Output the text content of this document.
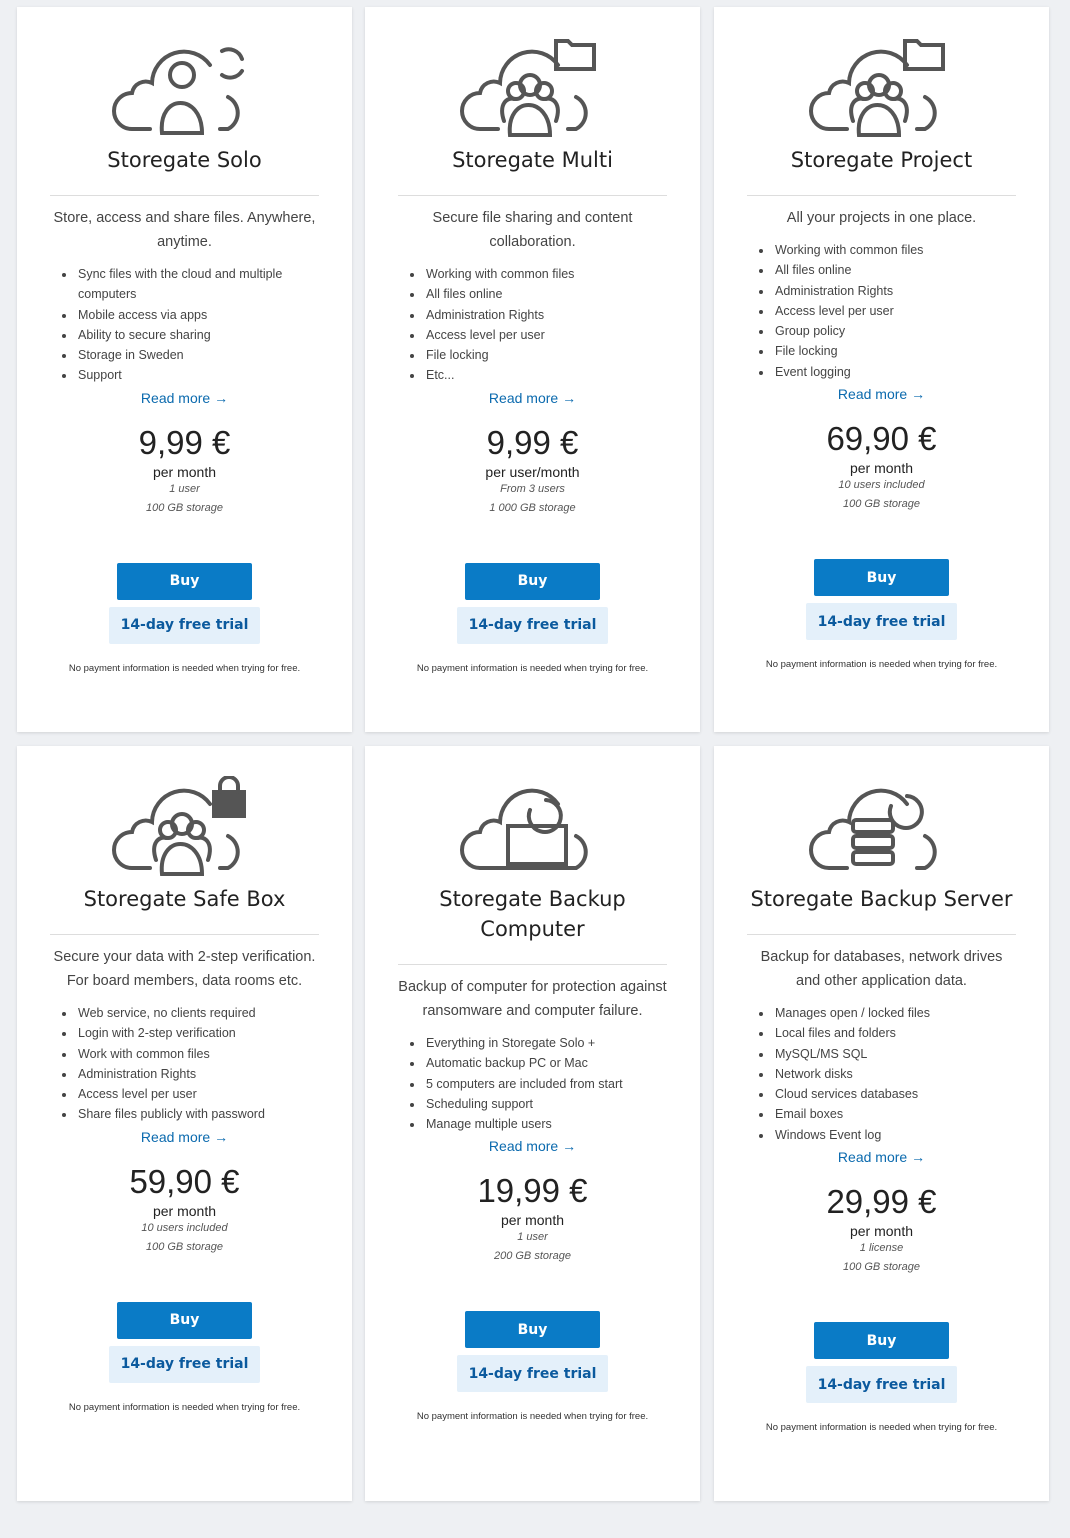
Storegate Solo
Store, access and share files. Anywhere, anytime.
• Sync files with the cloud and multiple computers
• Mobile access via apps
• Ability to secure sharing
• Storage in Sweden
• Support
Read more →
9,99 €
per month
1 user
100 GB storage
Buy
14-day free trial
No payment information is needed when trying for free.
Storegate Multi
Secure file sharing and content collaboration.
• Working with common files
• All files online
• Administration Rights
• Access level per user
• File locking
• Etc...
Read more →
9,99 €
per user/month
From 3 users
1 000 GB storage
Buy
14-day free trial
No payment information is needed when trying for free.
Storegate Project
All your projects in one place.
• Working with common files
• All files online
• Administration Rights
• Access level per user
• Group policy
• File locking
• Event logging
Read more →
69,90 €
per month
10 users included
100 GB storage
Buy
14-day free trial
No payment information is needed when trying for free.
Storegate Safe Box
Secure your data with 2-step verification. For board members, data rooms etc.
• Web service, no clients required
• Login with 2-step verification
• Work with common files
• Administration Rights
• Access level per user
• Share files publicly with password
Read more →
59,90 €
per month
10 users included
100 GB storage
Buy
14-day free trial
No payment information is needed when trying for free.
Storegate Backup Computer
Backup of computer for protection against ransomware and computer failure.
• Everything in Storegate Solo +
• Automatic backup PC or Mac
• 5 computers are included from start
• Scheduling support
• Manage multiple users
Read more →
19,99 €
per month
1 user
200 GB storage
Buy
14-day free trial
No payment information is needed when trying for free.
Storegate Backup Server
Backup for databases, network drives and other application data.
• Manages open / locked files
• Local files and folders
• MySQL/MS SQL
• Network disks
• Cloud services databases
• Email boxes
• Windows Event log
Read more →
29,99 €
per month
1 license
100 GB storage
Buy
14-day free trial
No payment information is needed when trying for free.
